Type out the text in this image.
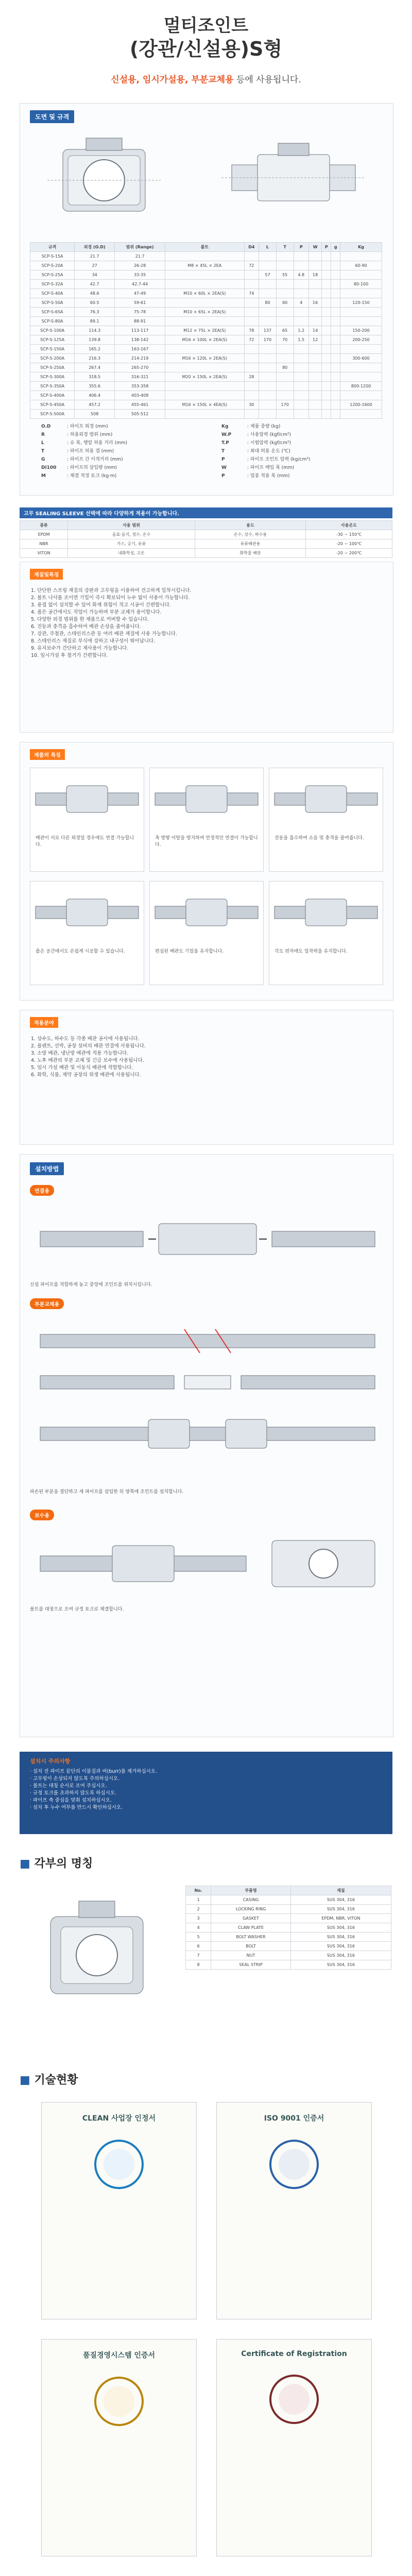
멀티조인트
(강관/신설용)S형
신설용, 임시가설용, 부분교체용 등에 사용됩니다.
도면 및 규격
규격	외경 (O.D)	범위 (Range)	볼트	D4	L	T	P	W	P	g	Kg
SCP-S-15A	21.7	21.7									
SCP-S-20A	27	26-28	M8 × 45L × 2EA	72							60-90
SCP-S-25A	34	33-35			57	55	4.8	18			
SCP-S-32A	42.7	42.7-44									80-100
SCP-S-40A	48.6	47-49	M10 × 60L × 2EA(S)	74							
SCP-S-50A	60.5	59-61			80	60	4	16			120-150
SCP-S-65A	76.3	75-78	M10 × 65L × 2EA(S)								
SCP-S-80A	89.1	88-91									
SCP-S-100A	114.3	113-117	M12 × 75L × 2EA(S)	78	137	65	1.2	14			150-200
SCP-S-125A	139.8	138-142	M16 × 100L × 2EA(S)	72	170	70	1.5	12			200-250
SCP-S-150A	165.2	163-167									
SCP-S-200A	216.3	214-219	M16 × 120L × 2EA(S)								300-600
SCP-S-250A	267.4	265-270				80					
SCP-S-300A	318.5	316-321	M20 × 150L × 2EA(S)	28							
SCP-S-350A	355.6	353-358									800-1200
SCP-S-400A	406.4	403-408									
SCP-S-450A	457.2	455-461	M16 × 150L × 4EA(S)	30		170					1200-1600
SCP-S-500A	508	505-512									
O.D	: 파이프 외경 (mm)
R	: 허용외경 범위 (mm)
L	: 슈 폭, 행압 허용 거리 (mm)
T	: 파이프 허용 갭 (mm)
G	: 파이프 간 이격거리 (mm)
Di100 : 파이프의 삽입량 (mm)
M	: 체결 적정 토크 (kg·m)
Kg	: 제품 중량 (kg)
W.P	: 사용압력 (kgf/cm²)
T.P	: 시험압력 (kgf/cm²)
T	: 최대 허용 온도 (℃)
P	: 파이프 조인트 압력 (kg/cm²)
W	: 파이프 매입 폭 (mm)
P	: 밀봉 적용 폭 (mm)
고무 SEALING SLEEVE 선택에 따라 다양하게 적용이 가능합니다.
종류	사용 범위	용도	사용온도
EPDM	음료·음식, 정수, 온수	온수, 상수, 하수용	-30 ~ 150℃
NBR	가스, 공기, 유류	유류배관용	-20 ~ 100℃
VITON	내화학성, 고온	화학물 배관	-20 ~ 200℃
재질및특징
1. 단단한 스프링 재질의 강판과 고무링을 이용하여 견고하게 밀착시킵니다.
2. 볼트 나사를 조이면 기밀이 즉시 확보되어 누수 없이 사용이 가능합니다.
3. 용접 없이 설치할 수 있어 화재 위험이 적고 시공이 간편합니다.
4. 좁은 공간에서도 작업이 가능하며 부분 교체가 용이합니다.
5. 다양한 외경 범위를 한 제품으로 커버할 수 있습니다.
6. 진동과 충격을 흡수하여 배관 손상을 줄여줍니다.
7. 강관, 주철관, 스테인리스관 등 여러 배관 재질에 사용 가능합니다.
8. 스테인리스 재질로 부식에 강하고 내구성이 뛰어납니다.
9. 유지보수가 간단하고 재사용이 가능합니다.
10. 임시가설 후 철거가 간편합니다.
제품의 특징
배관이 서로 다른 외경일 경우에도 연결 가능합니다.
축 방향 이탈을 방지하여 안정적인 연결이 가능합니다.
진동을 흡수하여 소음 및 충격을 줄여줍니다.
좁은 공간에서도 손쉽게 시공할 수 있습니다.	편심된 배관도 기밀을 유지합니다.	각도 편차에도 밀착력을 유지합니다.
적용분야
1. 상수도, 하수도 등 각종 배관 공사에 사용됩니다.
2. 플랜트, 선박, 공장 설비의 배관 연결에 사용됩니다.
3. 소방 배관, 냉난방 배관에 적용 가능합니다.
4. 노후 배관의 부분 교체 및 긴급 보수에 사용됩니다.
5. 임시 가설 배관 및 이동식 배관에 적합합니다.
6. 화학, 식품, 제약 공장의 위생 배관에 사용됩니다.
설치방법
연결용
신설 파이프를 적합하게 놓고 중앙에 조인트를 위치시킵니다.
부분교체용
파손된 부분을 절단하고 새 파이프를 삽입한 뒤 양쪽에 조인트를 설치합니다.
보수용
볼트를 대칭으로 조여 규정 토크로 체결합니다.
설치시 주의사항
· 설치 전 파이프 끝단의 이물질과 버(burr)를 제거하십시오.
· 고무링이 손상되지 않도록 주의하십시오.
· 볼트는 대칭 순서로 조여 주십시오.
· 규정 토크를 초과하지 않도록 하십시오.
· 파이프 축 중심을 맞춰 설치하십시오.
· 설치 후 누수 여부를 반드시 확인하십시오.
■ 각부의 명칭
No.	부품명	재질
1	CASING	SUS 304, 316
2	LOCKING RING	SUS 304, 316
3	GASKET	EPDM, NBR, VITON
4	CLAW PLATE	SUS 304, 316
5	BOLT WASHER	SUS 304, 316
6	BOLT	SUS 304, 316
7	NUT	SUS 304, 316
8	SEAL STRIP	SUS 304, 316
■ 기술현황
CLEAN 사업장 인정서	ISO 9001 인증서
품질경영시스템 인증서	Certificate of Registration
